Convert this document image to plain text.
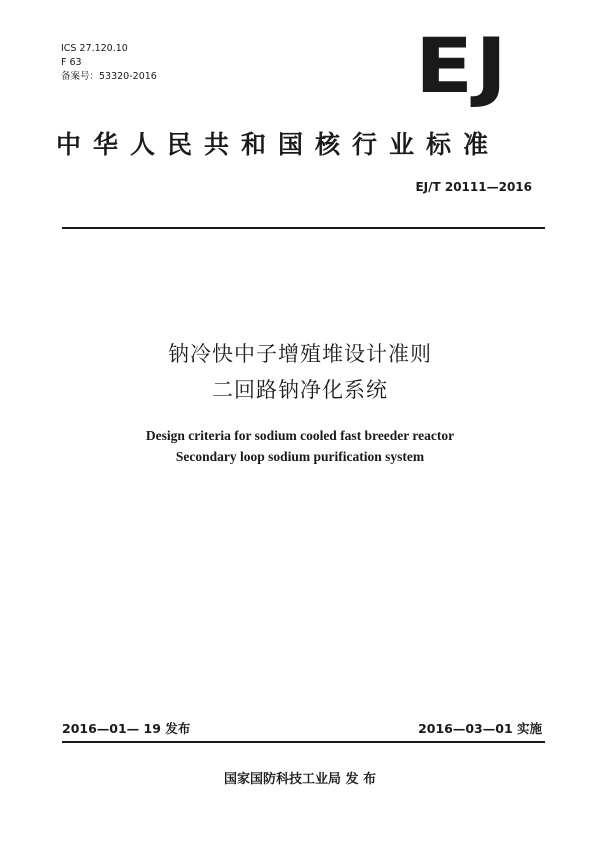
ICS 27.120.10
F 63
备案号：53320-2016	EJ
中华人民共和国核行业标准
EJ/T 20111—2016
钠冷快中子增殖堆设计准则
二回路钠净化系统
Design criteria for sodium cooled fast breeder reactor
Secondary loop sodium purification system
2016—01— 19 发布	2016—03—01 实施
国家国防科技工业局 发 布
